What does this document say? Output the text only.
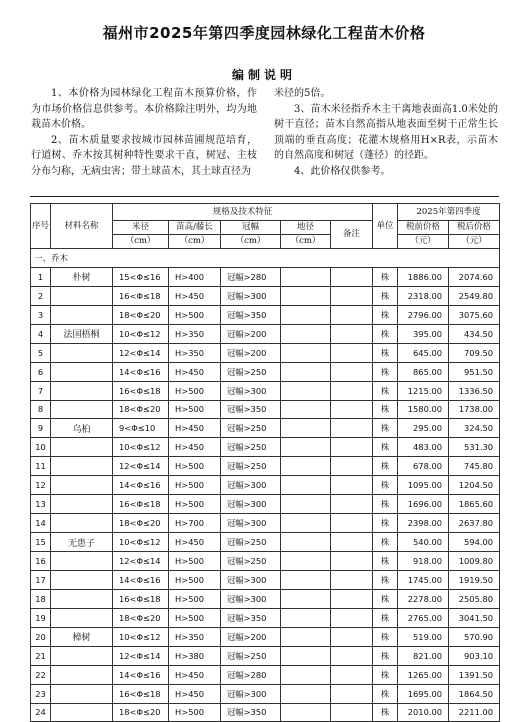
福州市2025年第四季度园林绿化工程苗木价格
编制说明

1、本价格为园林绿化工程苗木预算价格，作为市场价格信息供参考。本价格除注明外，均为地栽苗木价格。

2、苗木质量要求按城市园林苗圃规范培育，行道树、乔木按其树种特性要求干直，树冠、主枝分布匀称，无病虫害；带土球苗木，其土球直径为

米径的5倍。

3、苗木米径指乔木主干离地表面高1.0米处的树干直径；苗木自然高指从地表面至树干正常生长顶端的垂直高度；花灌木规格用H×R表，示苗木的自然高度和树冠（蓬径）的径距。

4、此价格仅供参考。

序号	材料名称	规格及技术特征					单位	2025年第四季度	
		米径	苗高/藤长	冠幅	地径	备注		税前价格	税后价格
		（cm）	（cm）	（cm）	（cm）			（元）	（元）
一、乔木									
1	朴树	15<Φ≤16	H>400	冠幅>280			株	1886.00	2074.60
2		16<Φ≤18	H>450	冠幅>300			株	2318.00	2549.80
3		18<Φ≤20	H>500	冠幅>350			株	2796.00	3075.60
4	法国梧桐	10<Φ≤12	H>350	冠幅>200			株	395.00	434.50
5		12<Φ≤14	H>350	冠幅>200			株	645.00	709.50
6		14<Φ≤16	H>450	冠幅>250			株	865.00	951.50
7		16<Φ≤18	H>500	冠幅>300			株	1215.00	1336.50
8		18<Φ≤20	H>500	冠幅>350			株	1580.00	1738.00
9	乌桕	9<Φ≤10	H>450	冠幅>250			株	295.00	324.50
10		10<Φ≤12	H>450	冠幅>250			株	483.00	531.30
11		12<Φ≤14	H>500	冠幅>250			株	678.00	745.80
12		14<Φ≤16	H>500	冠幅>300			株	1095.00	1204.50
13		16<Φ≤18	H>500	冠幅>300			株	1696.00	1865.60
14		18<Φ≤20	H>700	冠幅>300			株	2398.00	2637.80
15	无患子	10<Φ≤12	H>450	冠幅>250			株	540.00	594.00
16		12<Φ≤14	H>500	冠幅>250			株	918.00	1009.80
17		14<Φ≤16	H>500	冠幅>300			株	1745.00	1919.50
18		16<Φ≤18	H>500	冠幅>300			株	2278.00	2505.80
19		18<Φ≤20	H>500	冠幅>350			株	2765.00	3041.50
20	樟树	10<Φ≤12	H>350	冠幅>200			株	519.00	570.90
21		12<Φ≤14	H>380	冠幅>250			株	821.00	903.10
22		14<Φ≤16	H>450	冠幅>280			株	1265.00	1391.50
23		16<Φ≤18	H>450	冠幅>300			株	1695.00	1864.50
24		18<Φ≤20	H>500	冠幅>350			株	2010.00	2211.00
